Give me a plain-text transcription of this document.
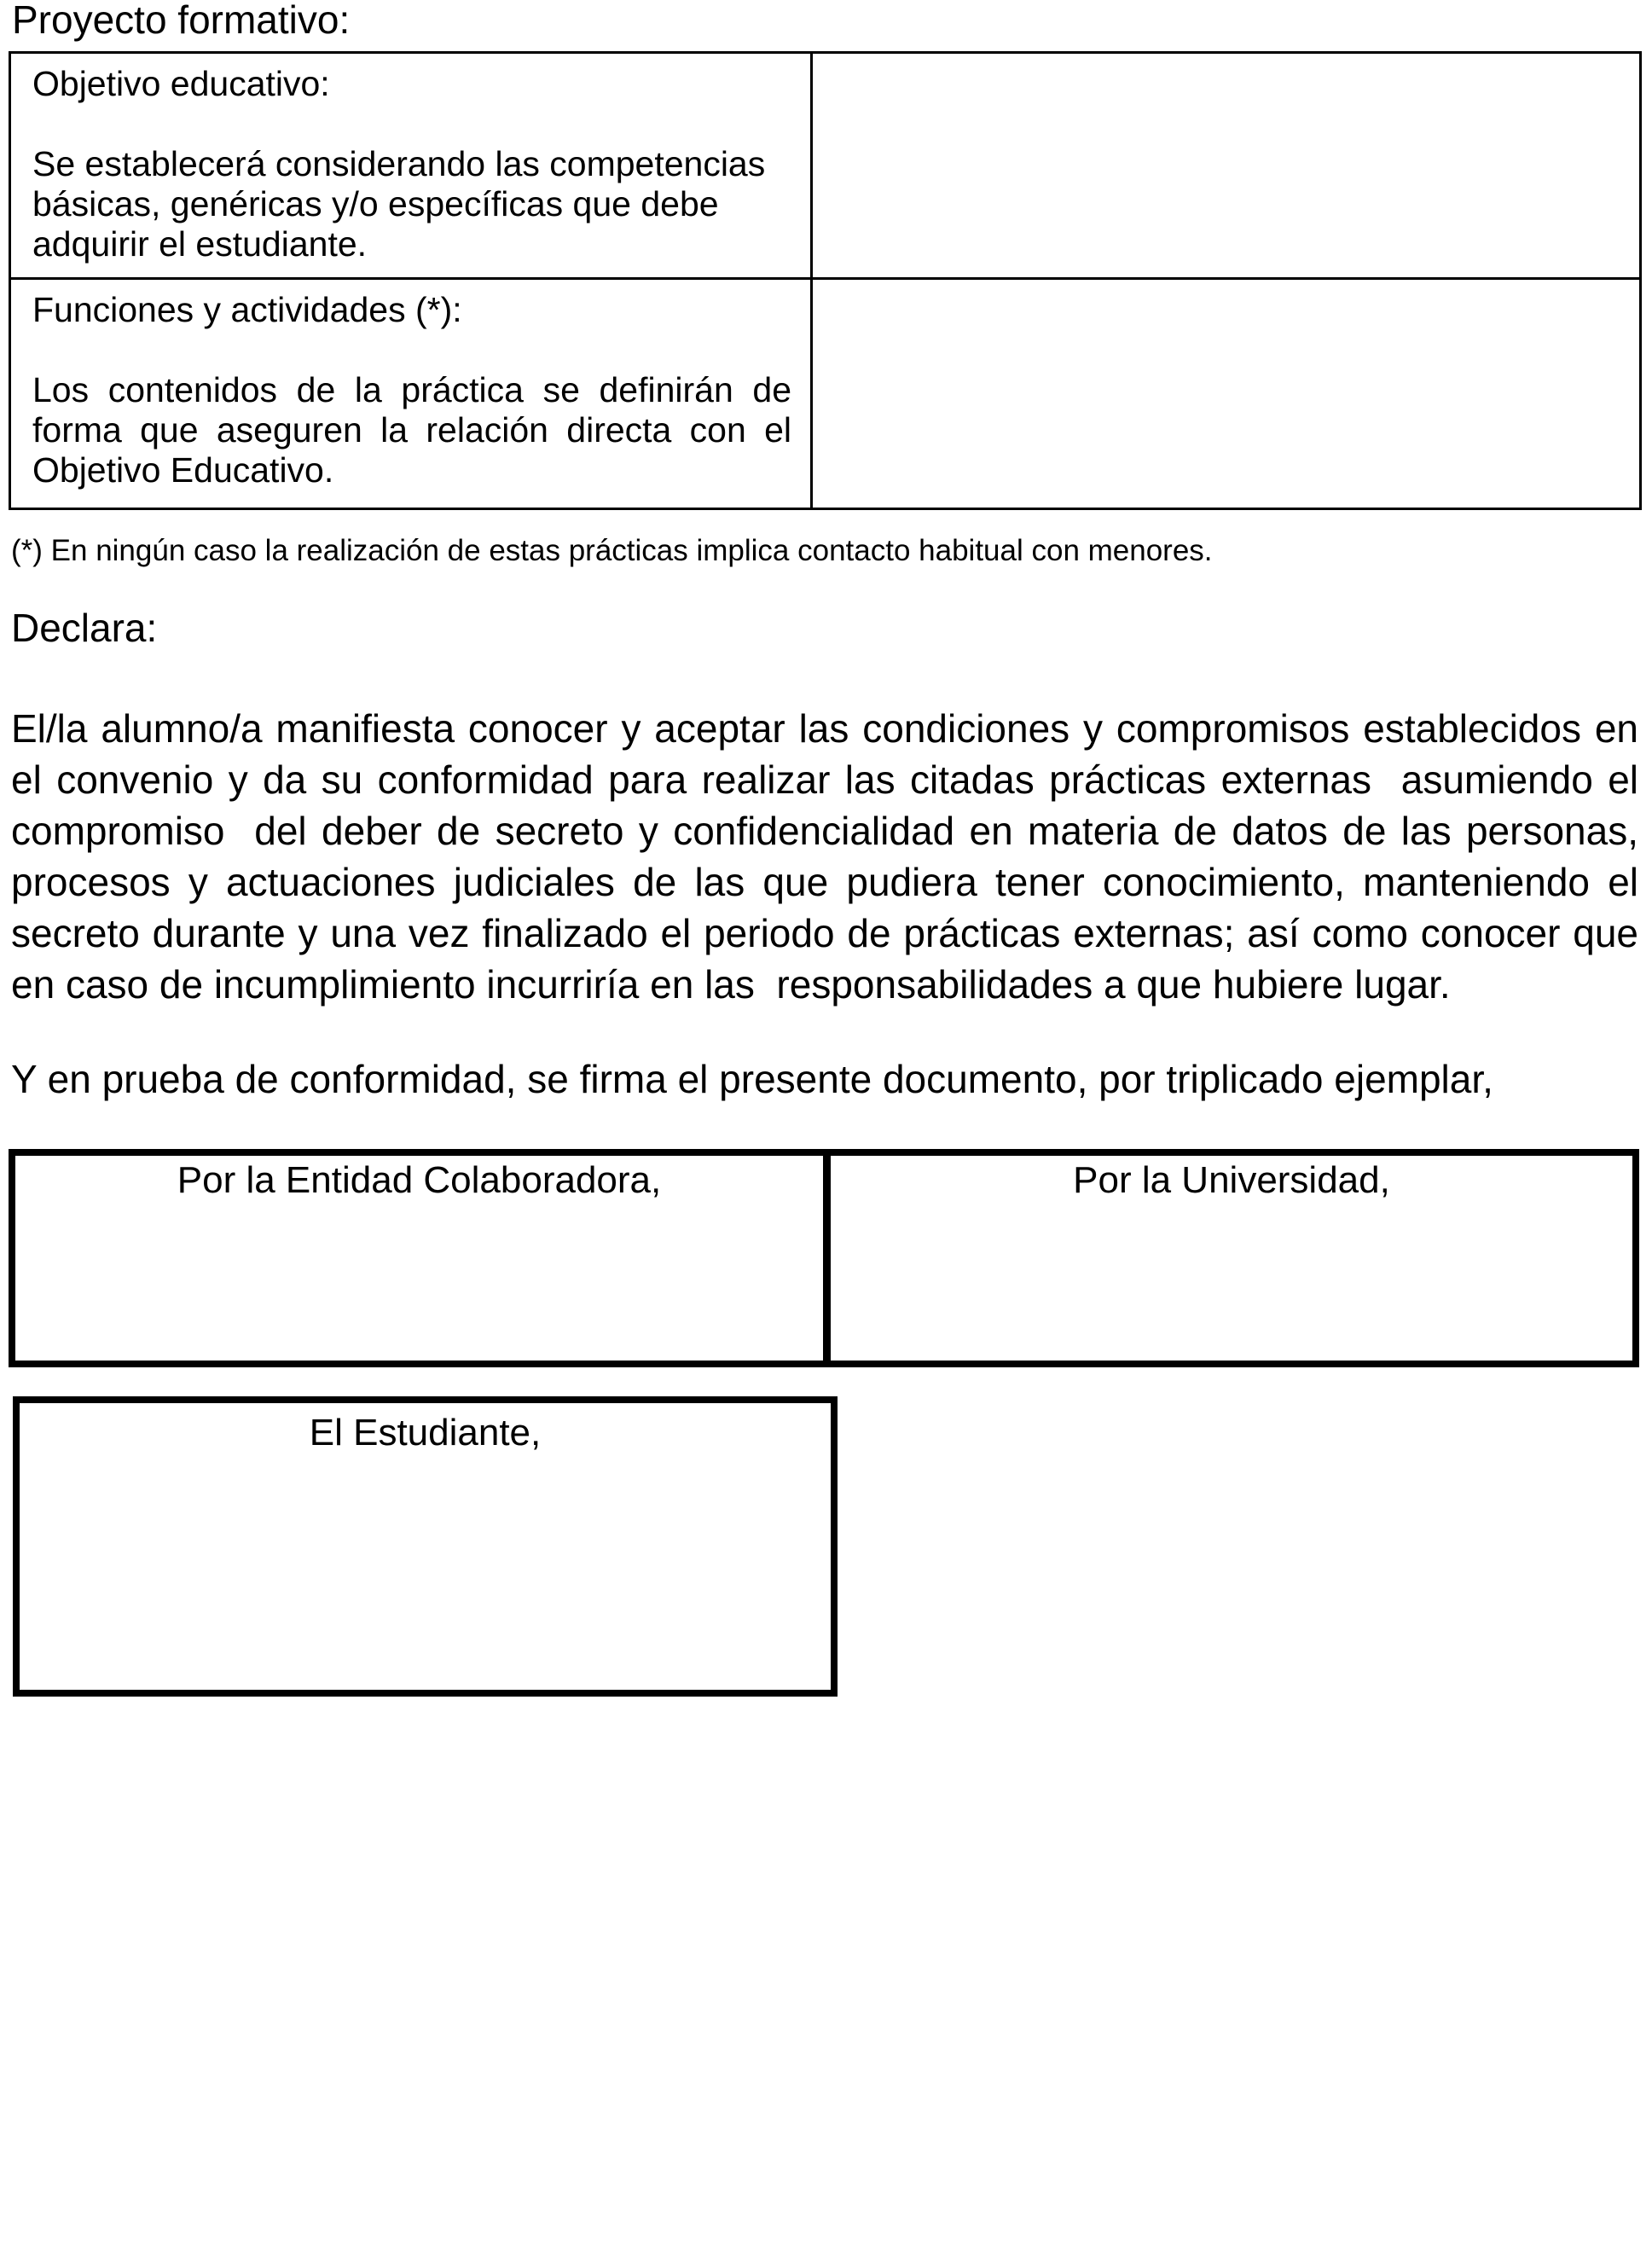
Proyecto formativo:
Objetivo educativo:
Se establecerá considerando las competencias básicas, genéricas y/o específicas que debe adquirir el estudiante.
Funciones y actividades (*):
Los contenidos de la práctica se definirán de forma que aseguren la relación directa con el Objetivo Educativo.
(*) En ningún caso la realización de estas prácticas implica contacto habitual con menores.
Declara:
El/la alumno/a manifiesta conocer y aceptar las condiciones y compromisos establecidos en el convenio y da su conformidad para realizar las citadas prácticas externas  asumiendo el compromiso  del deber de secreto y confidencialidad en materia de datos de las personas, procesos y actuaciones judiciales de las que pudiera tener conocimiento, manteniendo el secreto durante y una vez finalizado el periodo de prácticas externas; así como conocer que en caso de incumplimiento incurriría en las  responsabilidades a que hubiere lugar.
Y en prueba de conformidad, se firma el presente documento, por triplicado ejemplar,
Por la Entidad Colaboradora,	Por la Universidad,
El Estudiante,
